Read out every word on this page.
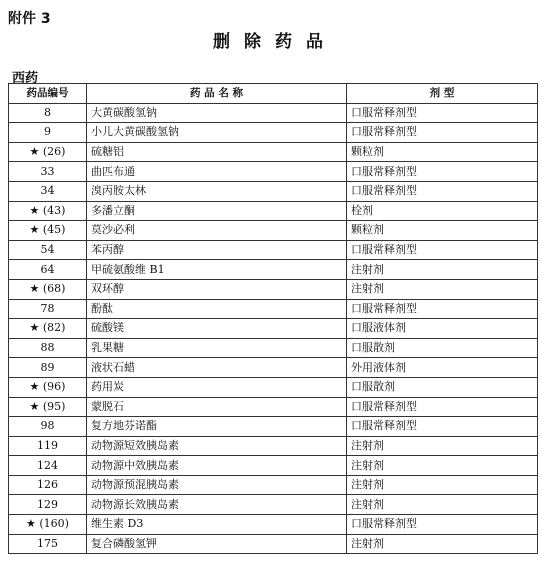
附件 3
删除药品
西药
药品编号	药 品 名 称	剂 型
8	大黄碳酸氢钠	口服常释剂型
9	小儿大黄碳酸氢钠	口服常释剂型
★ (26)	硫糖铝	颗粒剂
33	曲匹布通	口服常释剂型
34	溴丙胺太林	口服常释剂型
★ (43)	多潘立酮	栓剂
★ (45)	莫沙必利	颗粒剂
54	苯丙醇	口服常释剂型
64	甲硫氨酸维 B1	注射剂
★ (68)	双环醇	注射剂
78	酚酞	口服常释剂型
★ (82)	硫酸镁	口服液体剂
88	乳果糖	口服散剂
89	液状石蜡	外用液体剂
★ (96)	药用炭	口服散剂
★ (95)	蒙脱石	口服常释剂型
98	复方地芬诺酯	口服常释剂型
119	动物源短效胰岛素	注射剂
124	动物源中效胰岛素	注射剂
126	动物源预混胰岛素	注射剂
129	动物源长效胰岛素	注射剂
★ (160)	维生素 D3	口服常释剂型
175	复合磷酸氢钾	注射剂
